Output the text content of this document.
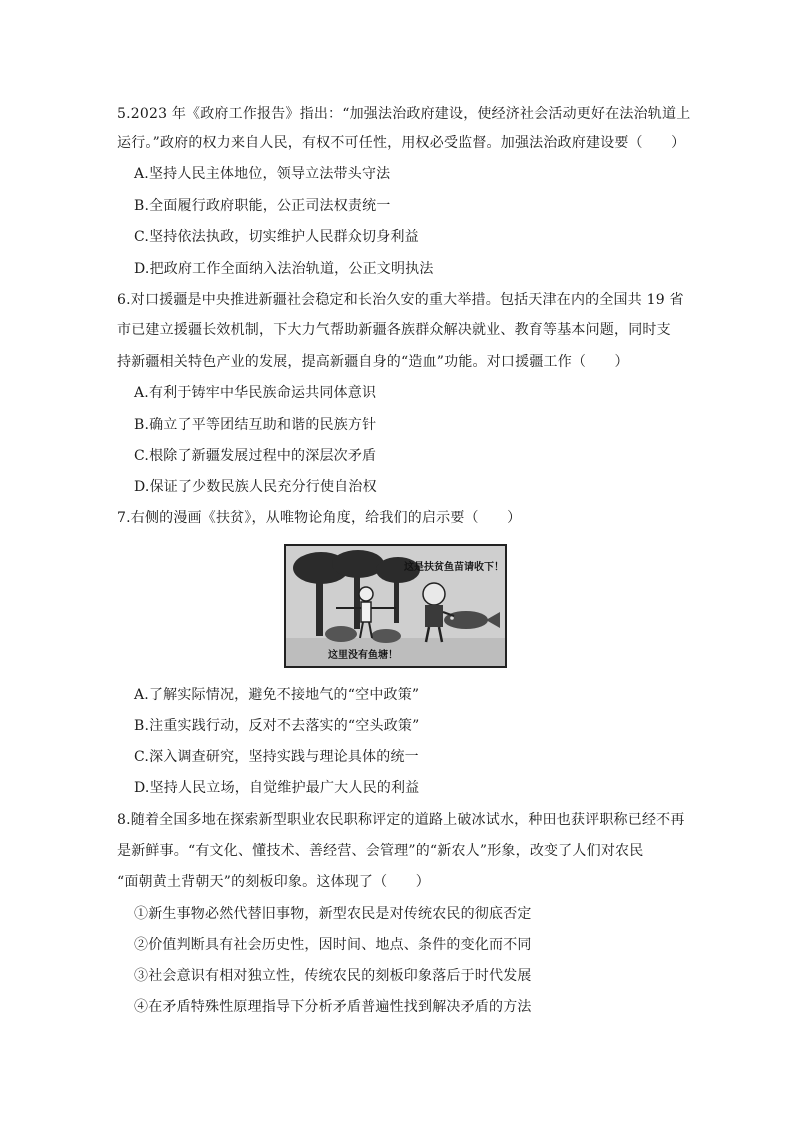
5.2023 年《政府工作报告》指出：“加强法治政府建设，使经济社会活动更好在法治轨道上
运行。”政府的权力来自人民，有权不可任性，用权必受监督。加强法治政府建设要（　　）
A.坚持人民主体地位，领导立法带头守法
B.全面履行政府职能，公正司法权责统一
C.坚持依法执政，切实维护人民群众切身利益
D.把政府工作全面纳入法治轨道，公正文明执法
6.对口援疆是中央推进新疆社会稳定和长治久安的重大举措。包括天津在内的全国共 19 省
市已建立援疆长效机制，下大力气帮助新疆各族群众解决就业、教育等基本问题，同时支
持新疆相关特色产业的发展，提高新疆自身的“造血”功能。对口援疆工作（　　）
A.有利于铸牢中华民族命运共同体意识
B.确立了平等团结互助和谐的民族方针
C.根除了新疆发展过程中的深层次矛盾
D.保证了少数民族人民充分行使自治权
7.右侧的漫画《扶贫》，从唯物论角度，给我们的启示要（　　）
这是扶贫鱼苗请收下！
这里没有鱼塘！
A.了解实际情况，避免不接地气的“空中政策”
B.注重实践行动，反对不去落实的“空头政策”
C.深入调查研究，坚持实践与理论具体的统一
D.坚持人民立场，自觉维护最广大人民的利益
8.随着全国多地在探索新型职业农民职称评定的道路上破冰试水，种田也获评职称已经不再
是新鲜事。“有文化、懂技术、善经营、会管理”的“新农人”形象，改变了人们对农民
“面朝黄土背朝天”的刻板印象。这体现了（　　）
①新生事物必然代替旧事物，新型农民是对传统农民的彻底否定
②价值判断具有社会历史性，因时间、地点、条件的变化而不同
③社会意识有相对独立性，传统农民的刻板印象落后于时代发展
④在矛盾特殊性原理指导下分析矛盾普遍性找到解决矛盾的方法
